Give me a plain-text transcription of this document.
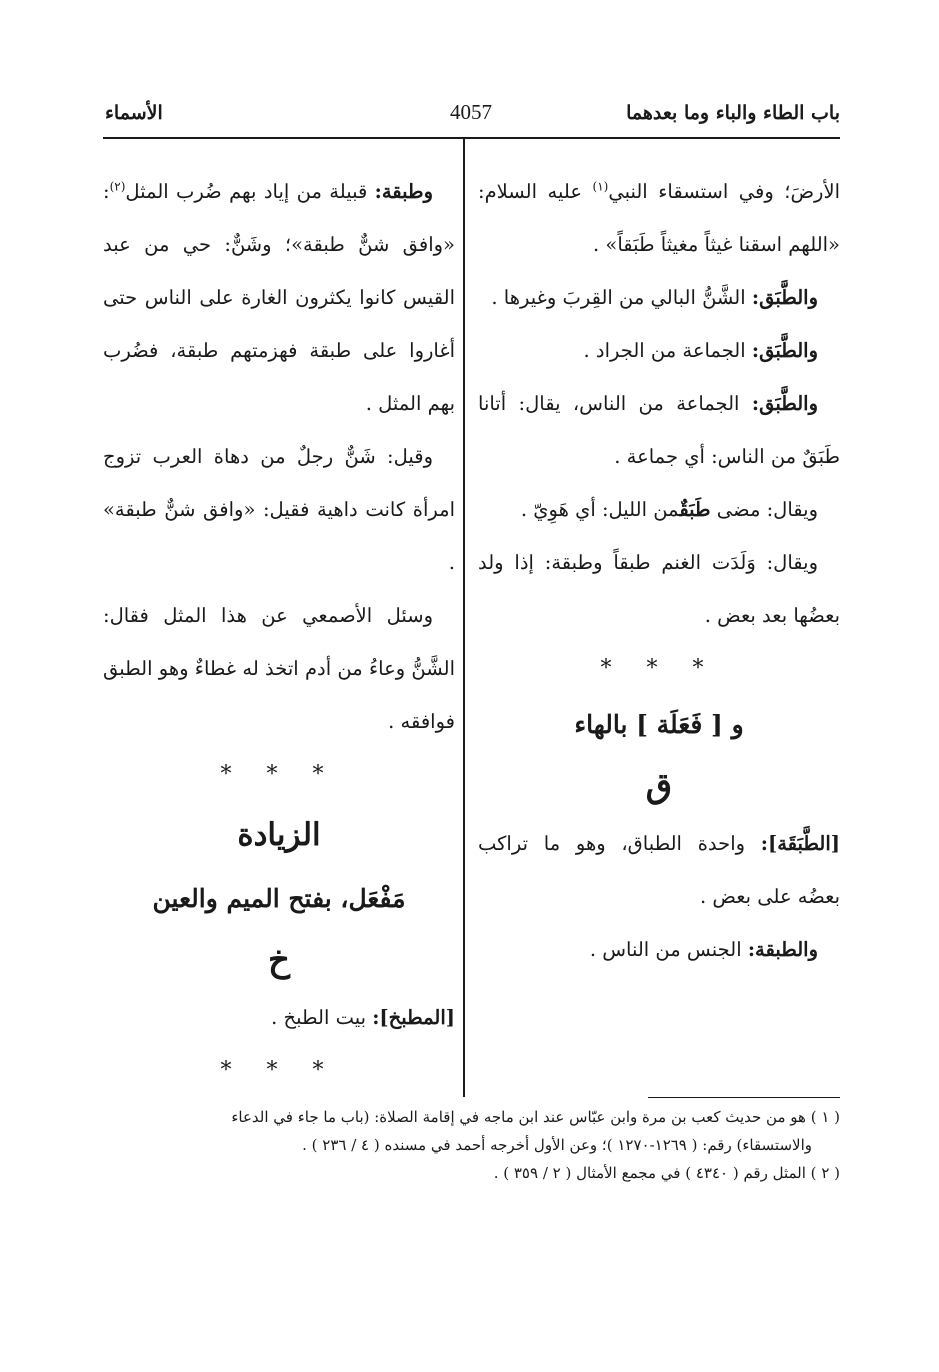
باب الطاء والباء وما بعدهما
4057
الأسماء

الأرضَ؛ وفي استسقاء النبي$^{(١)}$ عليه السلام: «اللهم اسقنا غيثاً مغيثاً طَبَقاً» .

والطَّبَق: الشَّنُّ البالي من القِربَ وغيرها .

والطَّبَق: الجماعة من الجراد .

والطَّبَق: الجماعة من الناس، يقال: أتانا طَبَقٌ من الناس: أي جماعة .

ويقال: مضى طَبَقٌمن الليل: أي هَوِيّ .

ويقال: وَلَدَت الغنم طبقاً وطبقة: إذا ولد بعضُها بعد بعض .

* * *
و [ فَعَلَة ] بالهاء
ق

[الطَّبَقَة]: واحدة الطباق، وهو ما تراكب بعضُه على بعض .

والطبقة: الجنس من الناس .

وطبقة: قبيلة من إياد بهم ضُرب المثل$^{(٢)}$: «وافق شنٌّ طبقة»؛ وشَنٌّ: حي من عبد القيس كانوا يكثرون الغارة على الناس حتى أغاروا على طبقة فهزمتهم طبقة، فضُرب بهم المثل .

وقيل: شَنٌّ رجلٌ من دهاة العرب تزوج امرأة كانت داهية فقيل: «وافق شنٌّ طبقة» .

وسئل الأصمعي عن هذا المثل فقال: الشَّنُّ وعاءُ من أدم اتخذ له غطاءٌ وهو الطبق فوافقه .

* * *
الزيادة
مَفْعَل، بفتح الميم والعين
خ

[المطبخ]: بيت الطبخ .

* * *

( ١ ) هو من حديث كعب بن مرة وابن عبّاس عند ابن ماجه في إقامة الصلاة: (باب ما جاء في الدعاء

والاستسقاء) رقم: ( ١٢٦٩-١٢٧٠ )؛ وعن الأول أخرجه أحمد في مسنده ( ٤ / ٢٣٦ ) .

( ٢ ) المثل رقم ( ٤٣٤٠ ) في مجمع الأمثال ( ٢ / ٣٥٩ ) .
